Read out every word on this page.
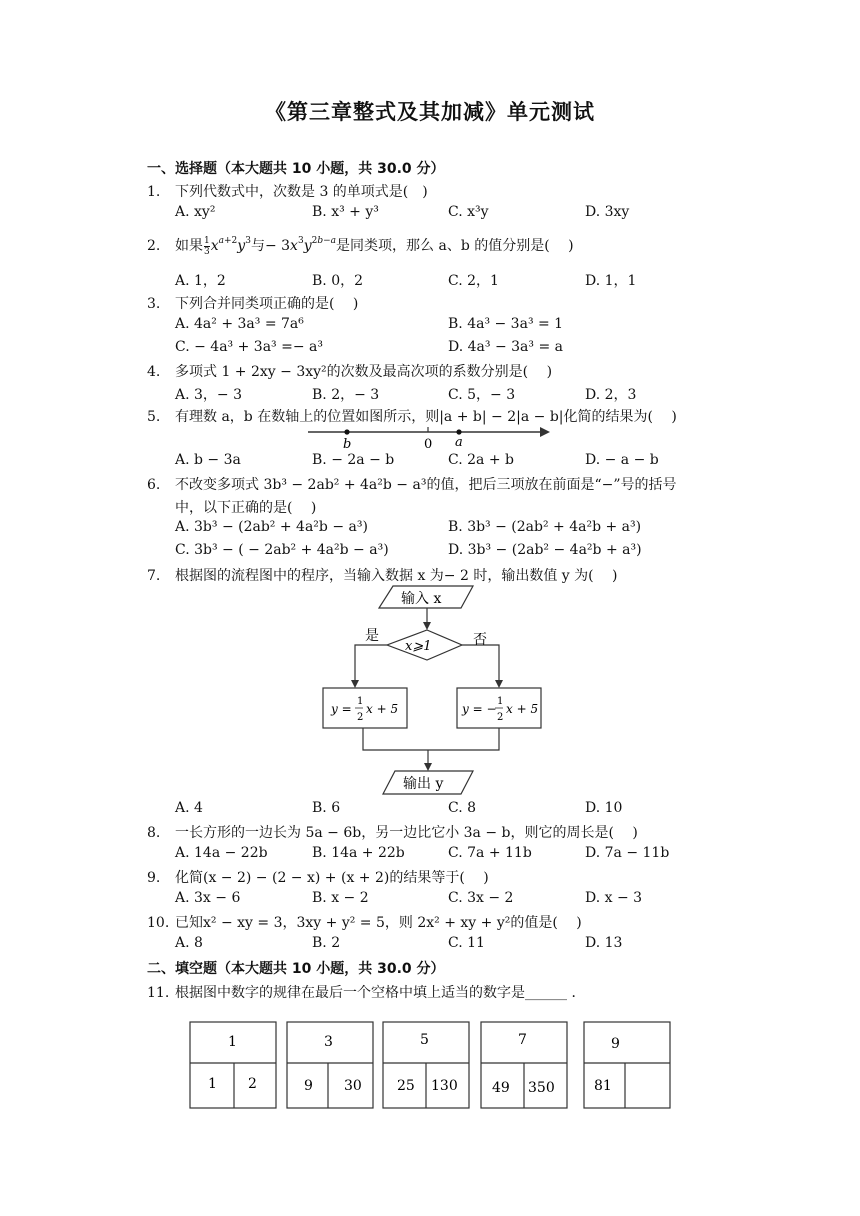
《第三章整式及其加减》单元测试
一、选择题（本大题共 10 小题，共 30.0 分）
1. 下列代数式中，次数是 3 的单项式是(　)
A. xy²	B. x³ + y³	C. x³y	D. 3xy
2. 如果 $\frac{1}{3} x^{a+2}y^3$与− $3x^3y^{2b-a}$是同类项，那么 a、b 的值分别是(　 )
A. 1，2	B. 0，2	C. 2，1	D. 1，1
3. 下列合并同类项正确的是(　 )
A. 4a² + 3a³ = 7a⁶	B. 4a³ − 3a³ = 1
C. − 4a³ + 3a³ =− a³	D. 4a³ − 3a³ = a
4. 多项式 1 + 2xy − 3xy²的次数及最高次项的系数分别是(　 )
A. 3，− 3	B. 2，− 3	C. 5，− 3	D. 2，3
5. 有理数 a，b 在数轴上的位置如图所示，则|a + b| − 2|a − b|化简的结果为(　 )
b	0 a
A. b − 3a	B. − 2a − b	C. 2a + b	D. − a − b
6. 不改变多项式 3b³ − 2ab² + 4a²b − a³的值，把后三项放在前面是“−”号的括号
中，以下正确的是(　 )
A. 3b³ − (2ab² + 4a²b − a³)	B. 3b³ − (2ab² + 4a²b + a³)
C. 3b³ − ( − 2ab² + 4a²b − a³)	D. 3b³ − (2ab² − 4a²b + a³)
7. 根据图的流程图中的程序，当输入数据 x 为− 2 时，输出数值 y 为(　 )
输入 x
x⩾1
是	否
y =
1
2
x + 5	y = −
1
2
x + 5
输出 y
A. 4	B. 6	C. 8	D. 10
8. 一长方形的一边长为 5a − 6b，另一边比它小 3a − b，则它的周长是(　 )
A. 14a − 22b	B. 14a + 22b	C. 7a + 11b	D. 7a − 11b
9. 化简(x − 2) − (2 − x) + (x + 2)的结果等于(　 )
A. 3x − 6	B. x − 2	C. 3x − 2	D. x − 3
10. 已知x² − xy = 3，3xy + y² = 5，则 2x² + xy + y²的值是(　 )
A. 8	B. 2	C. 11	D. 13
二、填空题（本大题共 10 小题，共 30.0 分）
11. 根据图中数字的规律在最后一个空格中填上适当的数字是______ ．
1
1 2
3
9 30
5
25 130
7
49 350
9
81
